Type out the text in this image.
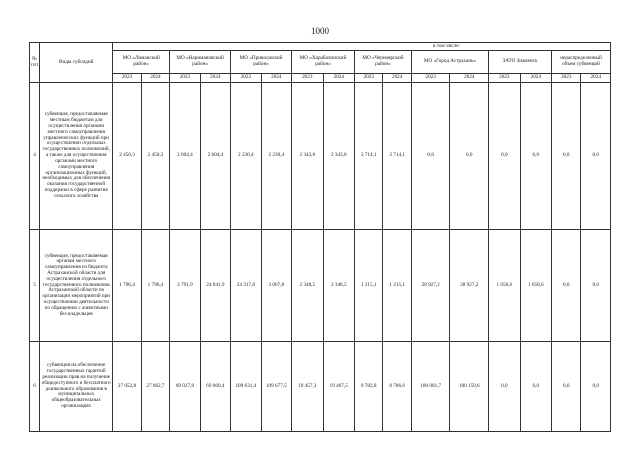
1000
№ п/п	Виды субсидий	в том числе:															
		МО «Лиманский район»		МО «Наримановский район»		МО «Приволжский район»		МО «Харабалинский район»		МО «Черноярский район»		МО «Город Астрахань»		ЗАТО Знаменск		нераспределенный объем субвенций	
		2023	2024	2023	2024	2023	2024	2023	2024	2023	2024	2023	2024	2023	2024	2023	2024
4	субвенция, предоставляемая местным бюджетам для осуществления органами местного самоуправления управленческих функций при осуществлении отдельных государственных полномочий, а также для осуществления органами местного самоуправления организационных функций, необходимых для обеспечения оказания государственной поддержки в сфере развития сельского хозяйства	2 450,3	2 450,3	2 604,4	2 604,4	2 230,4	2 230,4	2 343,8	2 343,8	2 714,1	2 714,1	0,0	0,0	0,0	0,0	0,0	0,0
5	субвенция, предоставляемая органам местного самоуправления из бюджета Астраханской области для осуществления отдельного государственного полномочия Астраханской области по организации мероприятий при осуществлении деятельности по обращению с животными без владельцев	1 796,4	1 796,4	2 791,9	24 041,9	24 317,8	3 067,8	2 348,5	2 348,5	1 215,1	1 215,1	28 927,2	28 927,2	1 658,6	1 658,6	0,0	0,0
6	субвенция на обеспечение государственных гарантий реализации прав на получение общедоступного и бесплатного дошкольного образования в муниципальных общеобразовательных организациях	27 052,8	27 062,7	69 027,8	69 060,4	109 631,4	109 677,5	19 457,3	19 467,5	8 782,8	8 786,6	180 081,7	180 159,6	0,0	0,0	0,0	0,0
